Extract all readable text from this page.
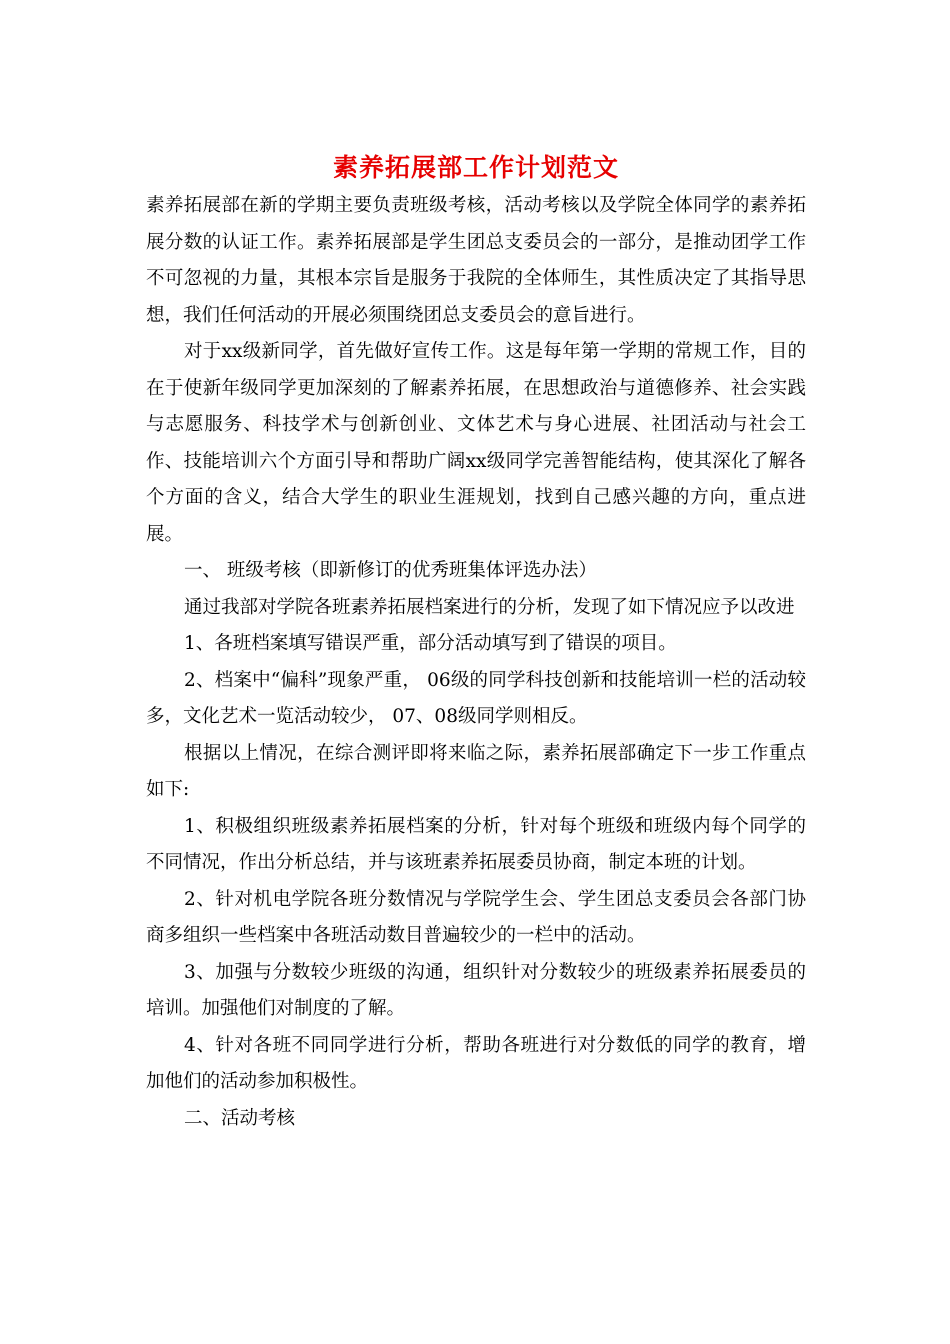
素养拓展部工作计划范文

素养拓展部在新的学期主要负责班级考核，活动考核以及学院全体同学的素养拓展分数的认证工作。素养拓展部是学生团总支委员会的一部分，是推动团学工作不可忽视的力量，其根本宗旨是服务于我院的全体师生，其性质决定了其指导思想，我们任何活动的开展必须围绕团总支委员会的意旨进行。

对于xx级新同学，首先做好宣传工作。这是每年第一学期的常规工作，目的在于使新年级同学更加深刻的了解素养拓展，在思想政治与道德修养、社会实践与志愿服务、科技学术与创新创业、文体艺术与身心进展、社团活动与社会工作、技能培训六个方面引导和帮助广阔xx级同学完善智能结构，使其深化了解各个方面的含义，结合大学生的职业生涯规划，找到自己感兴趣的方向，重点进展。

一、 班级考核（即新修订的优秀班集体评选办法）

通过我部对学院各班素养拓展档案进行的分析，发现了如下情况应予以改进

1、各班档案填写错误严重，部分活动填写到了错误的项目。

2、档案中“偏科”现象严重， 06级的同学科技创新和技能培训一栏的活动较多，文化艺术一览活动较少， 07、08级同学则相反。

根据以上情况，在综合测评即将来临之际，素养拓展部确定下一步工作重点如下:

1、积极组织班级素养拓展档案的分析，针对每个班级和班级内每个同学的不同情况，作出分析总结，并与该班素养拓展委员协商，制定本班的计划。

2、针对机电学院各班分数情况与学院学生会、学生团总支委员会各部门协商多组织一些档案中各班活动数目普遍较少的一栏中的活动。

3、加强与分数较少班级的沟通，组织针对分数较少的班级素养拓展委员的培训。加强他们对制度的了解。

4、针对各班不同同学进行分析，帮助各班进行对分数低的同学的教育，增加他们的活动参加积极性。

二、活动考核
